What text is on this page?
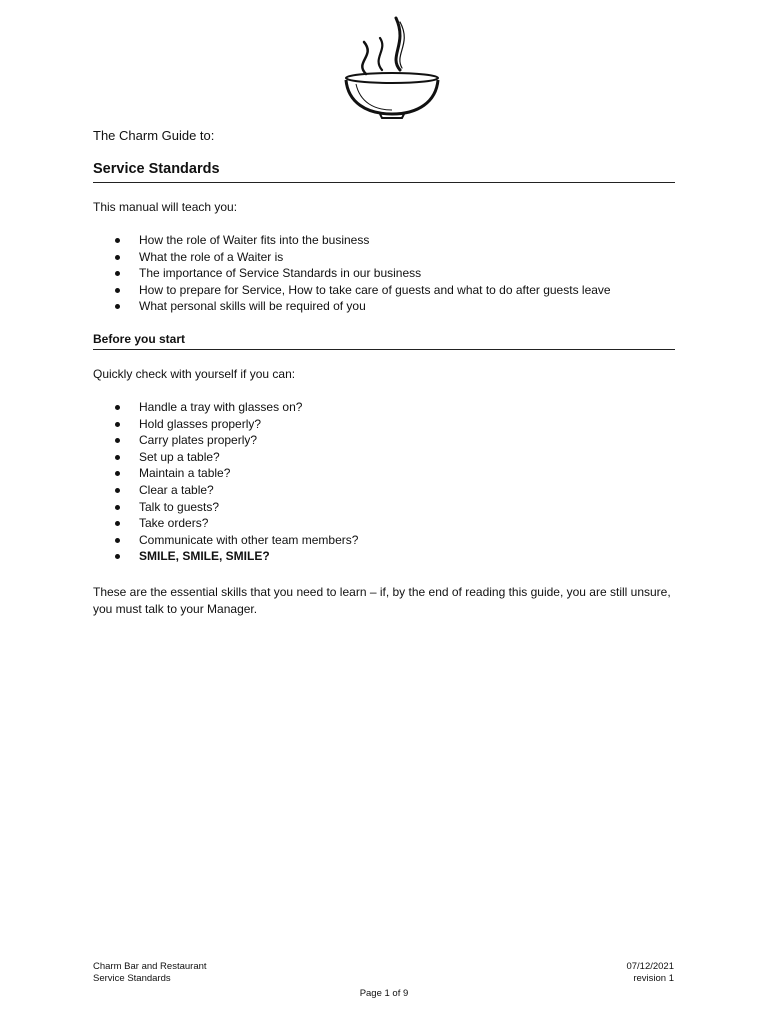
The Charm Guide to:
Service Standards
This manual will teach you:
How the role of Waiter fits into the business
What the role of a Waiter is
The importance of Service Standards in our business
How to prepare for Service, How to take care of guests and what to do after guests leave
What personal skills will be required of you
Before you start
Quickly check with yourself if you can:
Handle a tray with glasses on?
Hold glasses properly?
Carry plates properly?
Set up a table?
Maintain a table?
Clear a table?
Talk to guests?
Take orders?
Communicate with other team members?
SMILE, SMILE, SMILE?
These are the essential skills that you need to learn – if, by the end of reading this guide, you are still unsure, you must talk to your Manager.
Charm Bar and Restaurant
Service Standards
07/12/2021
revision 1
Page 1 of 9
